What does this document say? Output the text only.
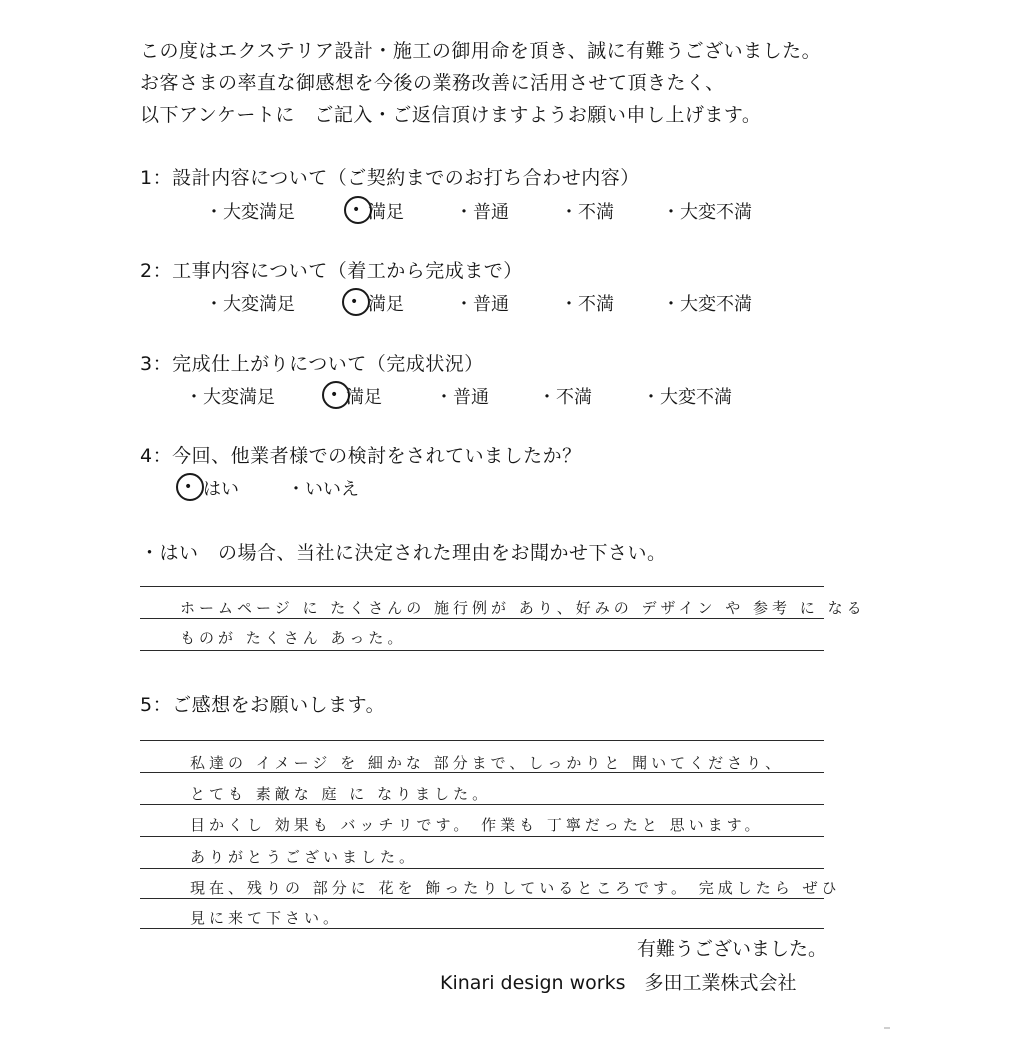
この度はエクステリア設計・施工の御用命を頂き、誠に有難うございました。
お客さまの率直な御感想を今後の業務改善に活用させて頂きたく、
以下アンケートに　ご記入・ご返信頂けますようお願い申し上げます。
1：設計内容について（ご契約までのお打ち合わせ内容）
・大変満足	• 満足	・普通	・不満	・大変不満
2：工事内容について（着工から完成まで）
・大変満足	• 満足	・普通	・不満	・大変不満
3：完成仕上がりについて（完成状況）
・大変満足	• 満足	・普通	・不満	・大変不満
4：今回、他業者様での検討をされていましたか？
• はい	・いいえ
・はい　の場合、当社に決定された理由をお聞かせ下さい。
ホームページ に たくさんの 施行例が あり、好みの デザイン や 参考 に なる
ものが たくさん あった。
5：ご感想をお願いします。
私達の イメージ を 細かな 部分まで、しっかりと 聞いてくださり、
とても 素敵な 庭 に なりました。
目かくし 効果も バッチリです。 作業も 丁寧だったと 思います。
ありがとうございました。
現在、残りの 部分に 花を 飾ったりしているところです。 完成したら ぜひ
見に来て下さい。
有難うございました。
Kinari design works　多田工業株式会社
